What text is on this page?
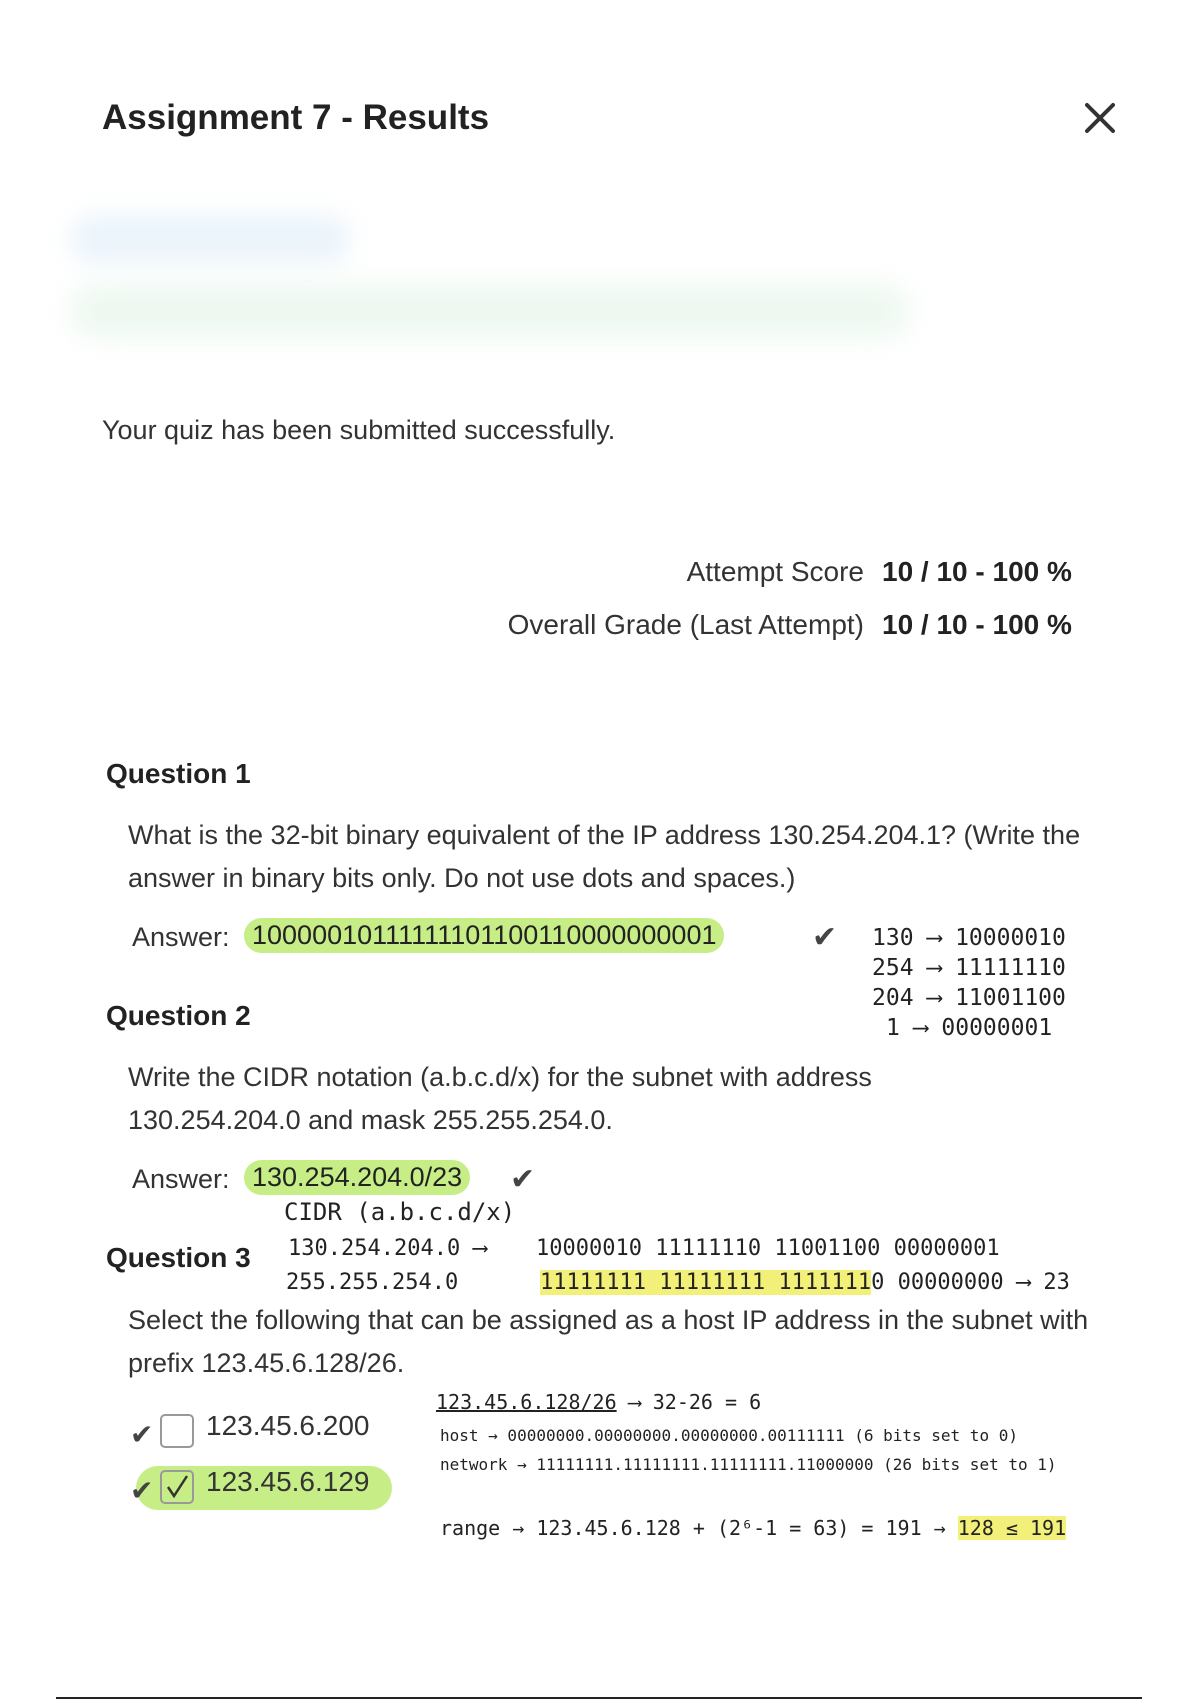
Assignment 7 - Results
Your quiz has been submitted successfully.
Attempt Score 10 / 10 - 100 %
Overall Grade (Last Attempt) 10 / 10 - 100 %
Question 1
What is the 32-bit binary equivalent of the IP address 130.254.204.1? (Write the answer in binary bits only. Do not use dots and spaces.)
Answer: 10000010111111101100110000000001	✔ 130 ⟶ 10000010
254 ⟶ 11111110
204 ⟶ 11001100
1 ⟶ 00000001
Question 2
Write the CIDR notation (a.b.c.d/x) for the subnet with address 130.254.204.0 and mask 255.255.254.0.
Answer: 130.254.204.0/23 ✔
CIDR (a.b.c.d/x)
130.254.204.0 ⟶ 10000010 11111110 11001100 00000001
255.255.254.0	11111111 11111111 11111110 00000000 ⟶ 23
Question 3
Select the following that can be assigned as a host IP address in the subnet with prefix 123.45.6.128/26.
✔ 123.45.6.200
✔ 123.45.6.129
123.45.6.128/26 ⟶ 32-26 = 6
host → 00000000.00000000.00000000.00111111 (6 bits set to 0)
network → 11111111.11111111.11111111.11000000 (26 bits set to 1)
range → 123.45.6.128 + (2⁶-1 = 63) = 191 → 128 ≤ 191
